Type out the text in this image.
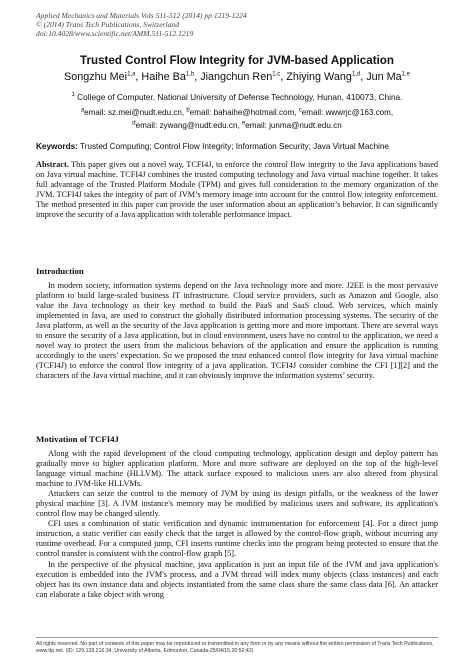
Applied Mechanics and Materials Vols 511-512 (2014) pp 1219-1224
© (2014) Trans Tech Publications, Switzerland
doi:10.4028/www.scientific.net/AMM.511-512.1219
Trusted Control Flow Integrity for JVM-based Application
Songzhu Mei$^{1,a}$, Haihe Ba$^{1,b}$, Jiangchun Ren$^{1,c}$, Zhiying Wang$^{1,d}$, Jun Ma$^{1,e}$
$^1$ College of Computer, National University of Defense Technology, Hunan, 410073, China.
$^a$email: sz.mei@nudt.edu.cn, $^b$email: bahaihe@hotmail.com, $^c$email: wwwrjc@163.com,
$^d$email: zywang@nudt.edu.cn, $^e$email: junma@nudt.edu.cn
Keywords: Trusted Computing; Control Flow Integrity; Information Security; Java Virtual Machine

Abstract. This paper gives out a novel way, TCFI4J, to enforce the control flow integrity to the Java applications based on Java virtual machine. TCFI4J combines the trusted computing technology and Java virtual machine together. It takes full advantage of the Trusted Platform Module (TPM) and gives full consideration to the memory organization of the JVM. TCFI4J takes the integrity of part of JVM’s memory image into account for the control flow integrity enforcement. The method presented in this paper can provide the user information about an application’s behavior. It can significantly improve the security of a Java application with tolerable performance impact.

Introduction

In modern society, information systems depend on the Java technology more and more. J2EE is the most pervasive platform to build large-scaled business IT infrastructure. Cloud service providers, such as Amazon and Google, also value the Java technology as their key method to build the PaaS and SaaS cloud. Web services, which mainly implemented in Java, are used to construct the globally distributed information processing systems. The security of the Java platform, as well as the security of the Java application is getting more and more important. There are several ways to ensure the security of a Java application, but in cloud environment, users have no control to the application, we need a novel way to protect the users from the malicious behaviors of the application and ensure the application is running accordingly to the users’ expectation. So we proposed the trust enhanced control flow integrity for Java virtual machine (TCFI4J) to enforce the control flow integrity of a java application. TCFI4J consider combine the CFI [1][2] and the characters of the Java virtual machine, and it can obviously improve the information systems’ security.

Motivation of TCFI4J

Along with the rapid development of the cloud computing technology, application design and deploy pattern has gradually move to higher application platform. More and more software are deployed on the top of the high-level language virtual machine (HLLVM). The attack surface exposed to malicious users are also altered from physical machine to JVM-like HLLVMs.

Attackers can seize the control to the memory of JVM by using its design pitfalls, or the weakness of the lower physical machine [3]. A JVM instance's memory may be modified by malicious users and software, its application's control flow may be changed silently.

CFI uses a combination of static verification and dynamic instrumentation for enforcement [4]. For a direct jump instruction, a static verifier can easily check that the target is allowed by the control-flow graph, without incurring any runtime overhead. For a computed jump, CFI inserts runtime checks into the program being protected to ensure that the control transfer is consistent with the control-flow graph [5].

In the perspective of the physical machine, java application is just an input file of the JVM and java application's execution is embedded into the JVM's process, and a JVM thread will index many objects (class instances) and each object has its own instance data and objects instantiated from the same class share the same class data [6]. An attacker can elaborate a fake object with wrong

All rights reserved. No part of contents of this paper may be reproduced or transmitted in any form or by any means without the written permission of Trans Tech Publications, www.ttp.net. (ID: 129.128.216.34, University of Alberta, Edmonton, Canada-25/04/15,20:52:42)
